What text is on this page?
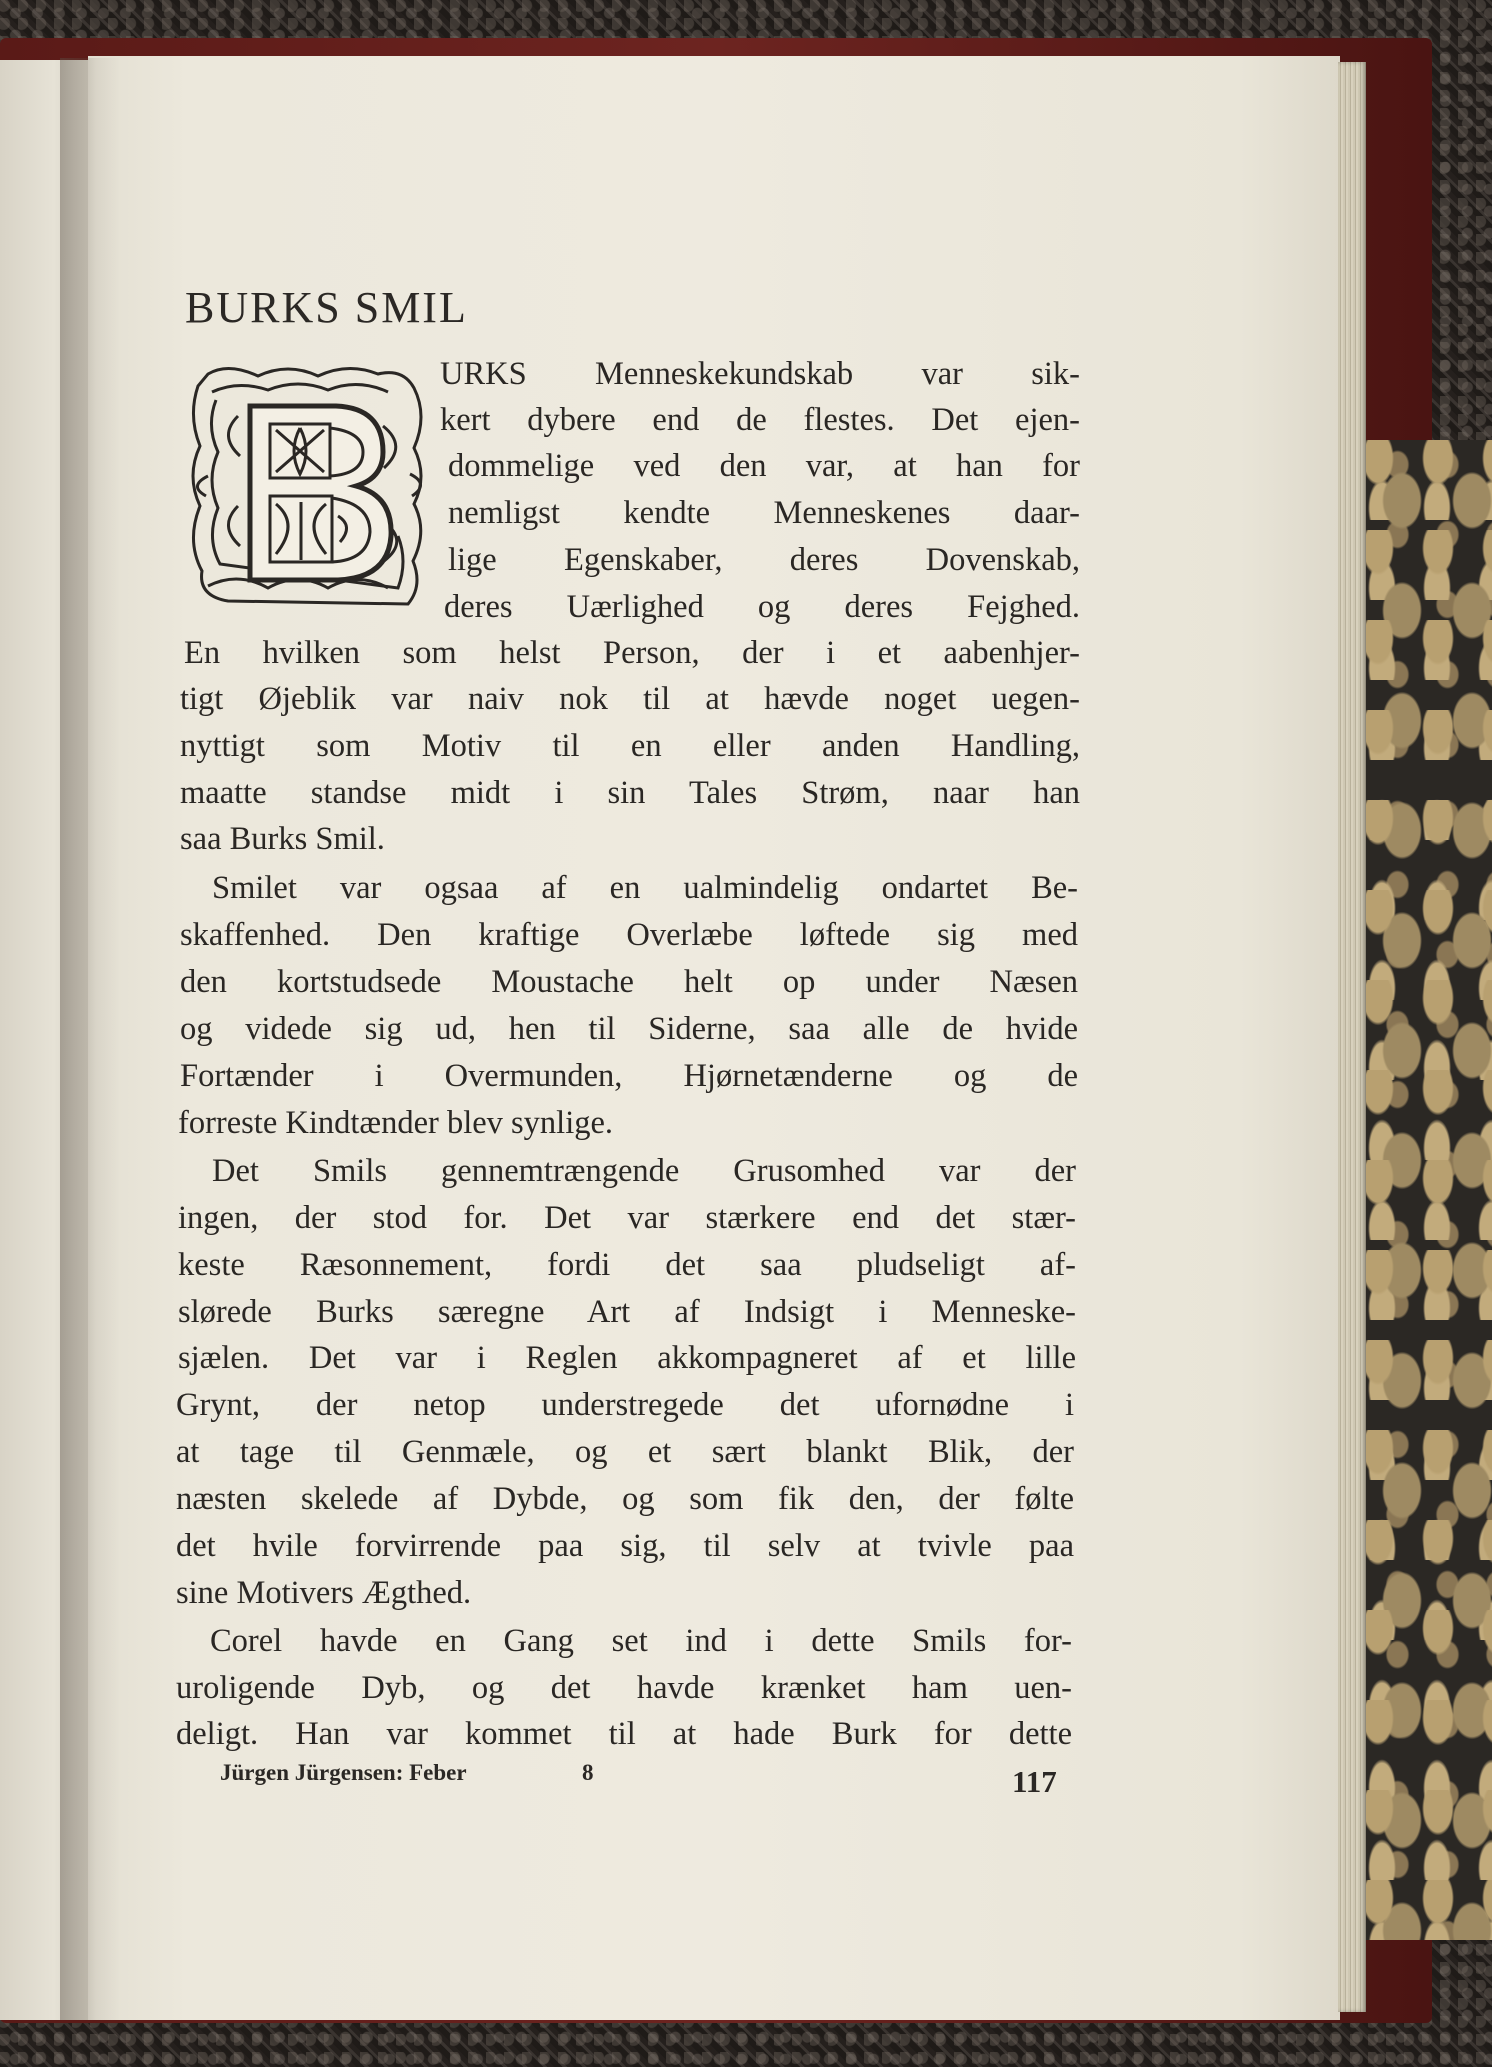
BURKS SMIL

URKS Menneskekundskab var sik-

kert dybere end de flestes. Det ejen-

dommelige ved den var, at han for

nemligst kendte Menneskenes daar-

lige Egenskaber, deres Dovenskab,

deres Uærlighed og deres Fejghed.

En hvilken som helst Person, der i et aabenhjer-

tigt Øjeblik var naiv nok til at hævde noget uegen-

nyttigt som Motiv til en eller anden Handling,

maatte standse midt i sin Tales Strøm, naar han

saa Burks Smil.

Smilet var ogsaa af en ualmindelig ondartet Be-

skaffenhed. Den kraftige Overlæbe løftede sig med

den kortstudsede Moustache helt op under Næsen

og videde sig ud, hen til Siderne, saa alle de hvide

Fortænder i Overmunden, Hjørnetænderne og de

forreste Kindtænder blev synlige.

Det Smils gennemtrængende Grusomhed var der

ingen, der stod for. Det var stærkere end det stær-

keste Ræsonnement, fordi det saa pludseligt af-

slørede Burks særegne Art af Indsigt i Menneske-

sjælen. Det var i Reglen akkompagneret af et lille

Grynt, der netop understregede det ufornødne i

at tage til Genmæle, og et sært blankt Blik, der

næsten skelede af Dybde, og som fik den, der følte

det hvile forvirrende paa sig, til selv at tvivle paa

sine Motivers Ægthed.

Corel havde en Gang set ind i dette Smils for-

uroligende Dyb, og det havde krænket ham uen-

deligt. Han var kommet til at hade Burk for dette

Jürgen Jürgensen: Feber	8	117
